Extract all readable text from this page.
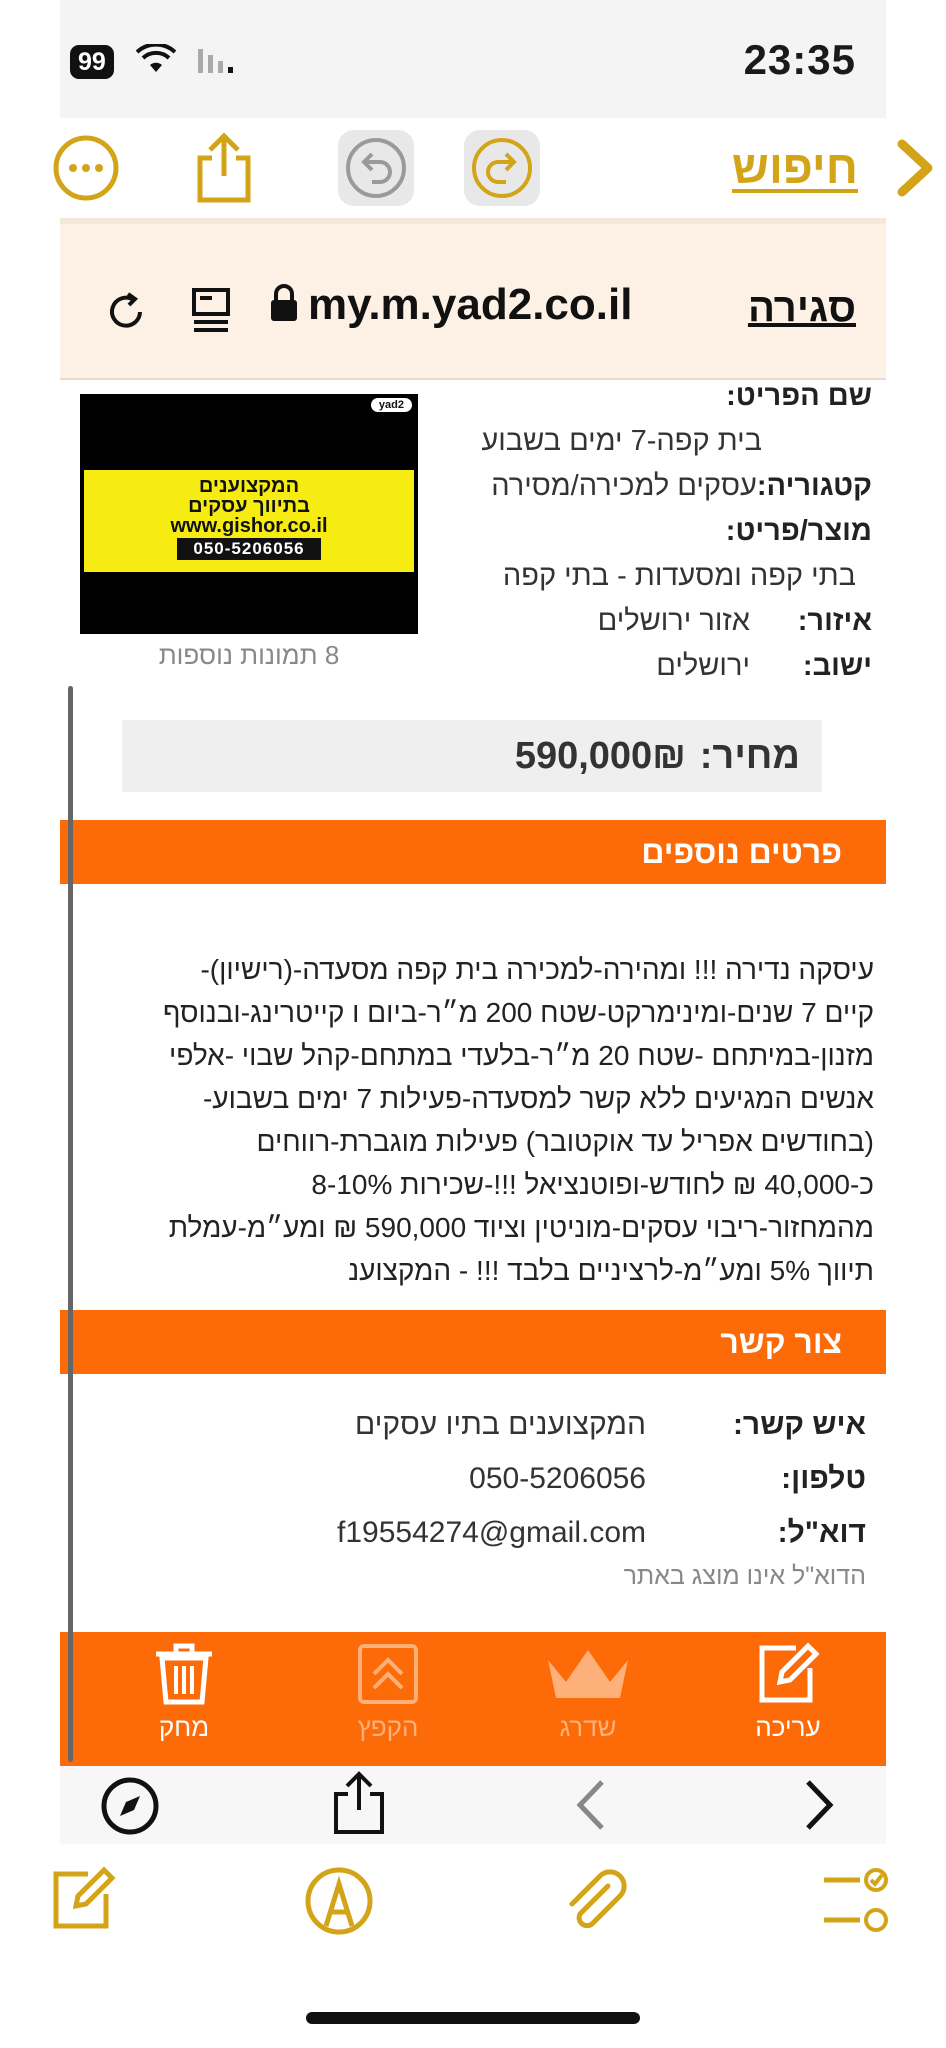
99	23:35
חיפוש
my.m.yad2.co.il	סגירה
yad2
המקצוענים
בתיווך עסקים
www.gishor.co.il
050-5206056
8 תמונות נוספות
שם הפריט:
בית קפה-7 ימים בשבוע
קטגוריה:עסקים למכירה/מסירה
מוצר/פריט:
בתי קפה ומסעדות - בתי קפה
איזור:
אזור ירושלים
ישוב:
ירושלים
מחיר:
590,000₪
פרטים נוספים
עיסקה נדירה !!! ומהירה-למכירה בית קפה מסעדה-(רישיון)-
קיים 7 שנים-ומינימרקט-שטח 200 מ״ר-ביום ו קייטרינג-ובנוסף
מזנון-במיתחם -שטח 20 מ״ר-בלעדי במתחם-קהל שבוי -אלפי
אנשים המגיעים ללא קשר למסעדה-פעילות 7 ימים בשבוע-
(בחודשים אפריל עד אוקטובר) פעילות מוגברת-רווחים
כ-40,000 ₪ לחודש-ופוטנציאל !!!-שכירות 8-10%
מהמחזור-ריבוי עסקים-מוניטין וציוד 590,000 ₪ ומע״מ-עמלת
תיווך 5% ומע״מ-לרציניים בלבד !!! - המקצוענ
צור קשר
איש קשר:
המקצוענים בתיו עסקים
טלפון:
050-5206056
דוא"ל:
f19554274@gmail.com
הדוא"ל אינו מוצג באתר
עריכה
שדרג
הקפץ
מחק
